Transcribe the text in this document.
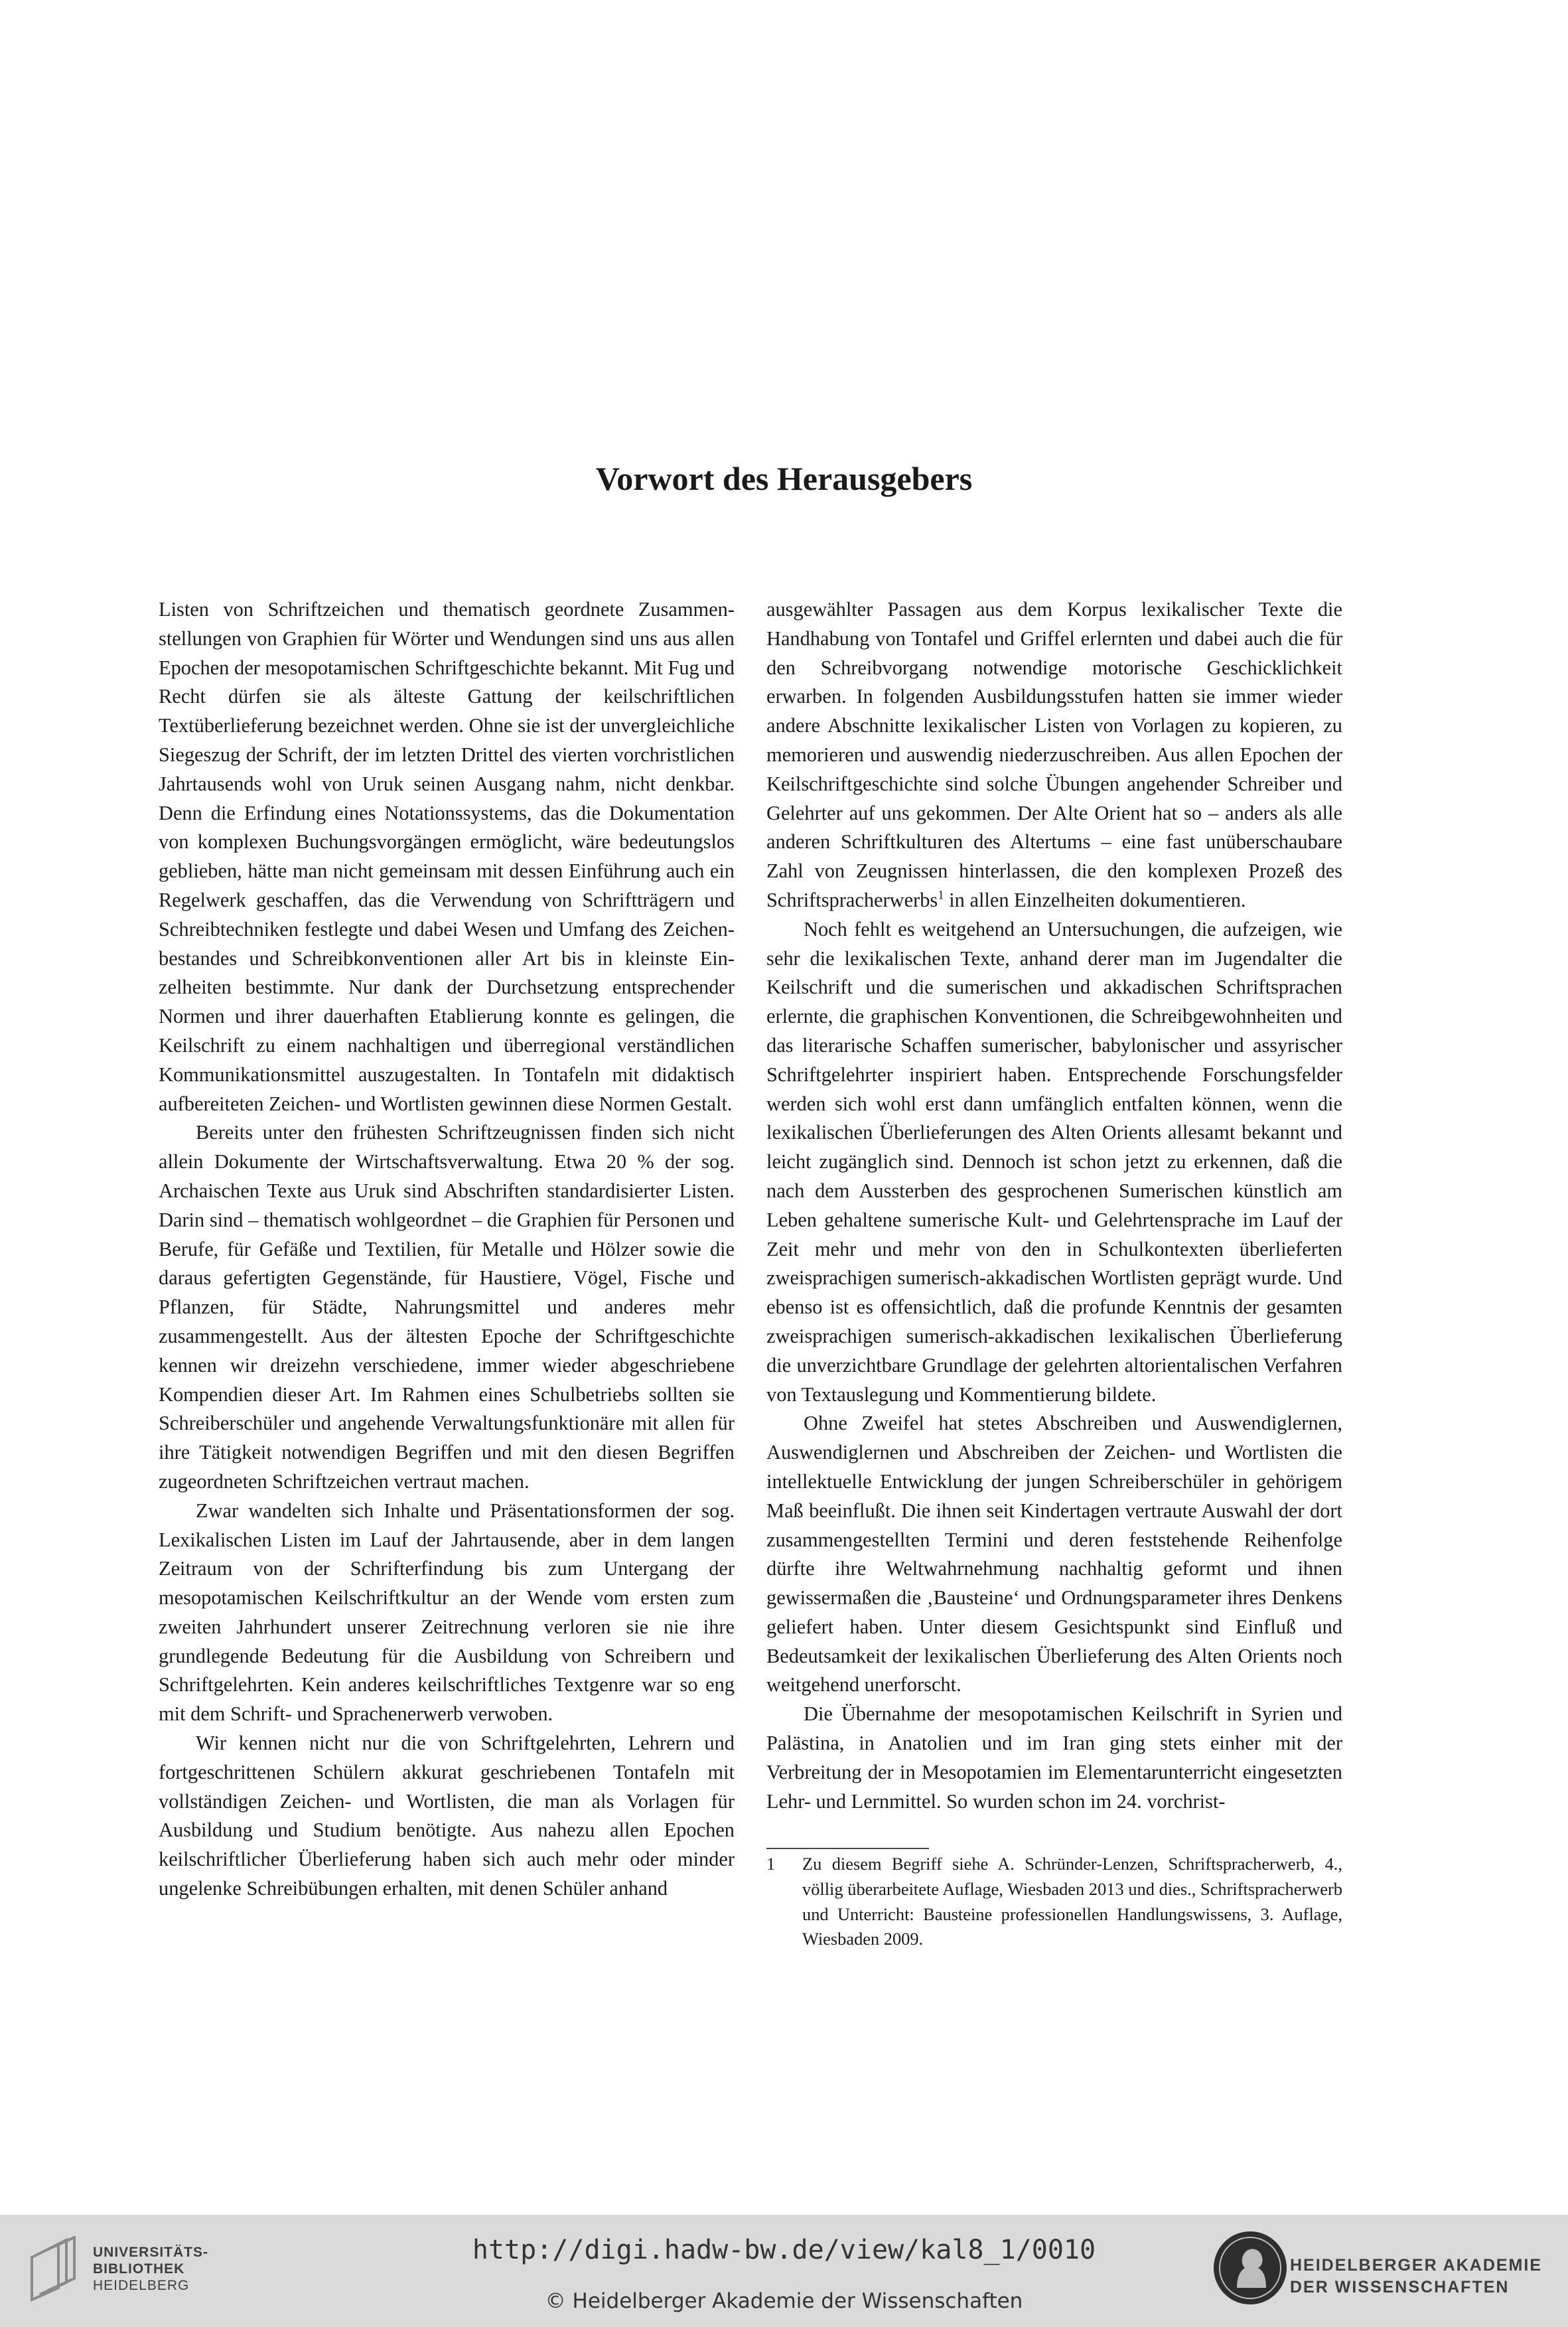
Vorwort des Herausgebers

Listen von Schriftzeichen und thematisch geordnete Zusammenstellungen von Graphien für Wörter und Wendungen sind uns aus allen Epochen der mesopotamischen Schriftgeschichte bekannt. Mit Fug und Recht dürfen sie als älteste Gattung der keilschriftlichen Textüberlieferung bezeichnet werden. Ohne sie ist der unvergleichliche Siegeszug der Schrift, der im letzten Drittel des vierten vorchristlichen Jahrtausends wohl von Uruk seinen Ausgang nahm, nicht denkbar. Denn die Erfindung eines Notationssystems, das die Dokumentation von komplexen Buchungsvorgängen ermöglicht, wäre bedeutungslos geblieben, hätte man nicht gemeinsam mit dessen Einführung auch ein Regelwerk geschaffen, das die Verwendung von Schriftträgern und Schreibtechniken festlegte und dabei Wesen und Umfang des Zeichenbestandes und Schreibkonventionen aller Art bis in kleinste Einzelheiten bestimmte. Nur dank der Durchsetzung entsprechender Normen und ihrer dauerhaften Etablierung konnte es gelingen, die Keilschrift zu einem nachhaltigen und überregional verständlichen Kommunikationsmittel auszugestalten. In Tontafeln mit didaktisch aufbereiteten Zeichen- und Wortlisten gewinnen diese Normen Gestalt.

Bereits unter den frühesten Schriftzeugnissen finden sich nicht allein Dokumente der Wirtschaftsverwaltung. Etwa 20 % der sog. Archaischen Texte aus Uruk sind Abschriften standardisierter Listen. Darin sind – thematisch wohlgeordnet – die Graphien für Personen und Berufe, für Gefäße und Textilien, für Metalle und Hölzer sowie die daraus gefertigten Gegenstände, für Haustiere, Vögel, Fische und Pflanzen, für Städte, Nahrungsmittel und anderes mehr zusammengestellt. Aus der ältesten Epoche der Schriftgeschichte kennen wir dreizehn verschiedene, immer wieder abgeschriebene Kompendien dieser Art. Im Rahmen eines Schulbetriebs sollten sie Schreiberschüler und angehende Verwaltungsfunktionäre mit allen für ihre Tätigkeit notwendigen Begriffen und mit den diesen Begriffen zugeordneten Schriftzeichen vertraut machen.

Zwar wandelten sich Inhalte und Präsentationsformen der sog. Lexikalischen Listen im Lauf der Jahrtausende, aber in dem langen Zeitraum von der Schrifterfindung bis zum Untergang der mesopotamischen Keilschriftkultur an der Wende vom ersten zum zweiten Jahrhundert unserer Zeitrechnung verloren sie nie ihre grundlegende Bedeutung für die Ausbildung von Schreibern und Schriftgelehrten. Kein anderes keilschriftliches Textgenre war so eng mit dem Schrift- und Sprachenerwerb verwoben.

Wir kennen nicht nur die von Schriftgelehrten, Lehrern und fortgeschrittenen Schülern akkurat geschriebenen Tontafeln mit vollständigen Zeichen- und Wortlisten, die man als Vorlagen für Ausbildung und Studium benötigte. Aus nahezu allen Epochen keilschriftlicher Überlieferung haben sich auch mehr oder minder ungelenke Schreibübungen erhalten, mit denen Schüler anhand

ausgewählter Passagen aus dem Korpus lexikalischer Texte die Handhabung von Tontafel und Griffel erlernten und dabei auch die für den Schreibvorgang notwendige motorische Geschicklichkeit erwarben. In folgenden Ausbildungsstufen hatten sie immer wieder andere Abschnitte lexikalischer Listen von Vorlagen zu kopieren, zu memorieren und auswendig niederzuschreiben. Aus allen Epochen der Keilschriftgeschichte sind solche Übungen angehender Schreiber und Gelehrter auf uns gekommen. Der Alte Orient hat so – anders als alle anderen Schriftkulturen des Altertums – eine fast unüberschaubare Zahl von Zeugnissen hinterlassen, die den komplexen Prozeß des Schriftspracherwerbs$^1$ in allen Einzelheiten dokumentieren.

Noch fehlt es weitgehend an Untersuchungen, die aufzeigen, wie sehr die lexikalischen Texte, anhand derer man im Jugendalter die Keilschrift und die sumerischen und akkadischen Schriftsprachen erlernte, die graphischen Konventionen, die Schreibgewohnheiten und das literarische Schaffen sumerischer, babylonischer und assyrischer Schriftgelehrter inspiriert haben. Entsprechende Forschungsfelder werden sich wohl erst dann umfänglich entfalten können, wenn die lexikalischen Überlieferungen des Alten Orients allesamt bekannt und leicht zugänglich sind. Dennoch ist schon jetzt zu erkennen, daß die nach dem Aussterben des gesprochenen Sumerischen künstlich am Leben gehaltene sumerische Kult- und Gelehrtensprache im Lauf der Zeit mehr und mehr von den in Schulkontexten überlieferten zweisprachigen sumerisch-akkadischen Wortlisten geprägt wurde. Und ebenso ist es offensichtlich, daß die profunde Kenntnis der gesamten zweisprachigen sumerisch-akkadischen lexikalischen Überlieferung die unverzichtbare Grundlage der gelehrten altorientalischen Verfahren von Textauslegung und Kommentierung bildete.

Ohne Zweifel hat stetes Abschreiben und Auswendiglernen, Auswendiglernen und Abschreiben der Zeichen- und Wortlisten die intellektuelle Entwicklung der jungen Schreiberschüler in gehörigem Maß beeinflußt. Die ihnen seit Kindertagen vertraute Auswahl der dort zusammengestellten Termini und deren feststehende Reihenfolge dürfte ihre Weltwahrnehmung nachhaltig geformt und ihnen gewissermaßen die ‚Bausteine‘ und Ordnungsparameter ihres Denkens geliefert haben. Unter diesem Gesichtspunkt sind Einfluß und Bedeutsamkeit der lexikalischen Überlieferung des Alten Orients noch weitgehend unerforscht.

Die Übernahme der mesopotamischen Keilschrift in Syrien und Palästina, in Anatolien und im Iran ging stets einher mit der Verbreitung der in Mesopotamien im Elementarunterricht eingesetzten Lehr- und Lernmittel. So wurden schon im 24. vorchrist-

1 Zu diesem Begriff siehe A. Schründer-Lenzen, Schriftspracherwerb, 4., völlig überarbeitete Auflage, Wiesbaden 2013 und dies., Schriftspracherwerb und Unterricht: Bausteine professionellen Handlungswissens, 3. Auflage, Wiesbaden 2009.

UNIVERSITÄTS-
BIBLIOTHEK
HEIDELBERG
http://digi.hadw-bw.de/view/kal8_1/0010
© Heidelberger Akademie der Wissenschaften
HEIDELBERGER AKADEMIE
DER WISSENSCHAFTEN
